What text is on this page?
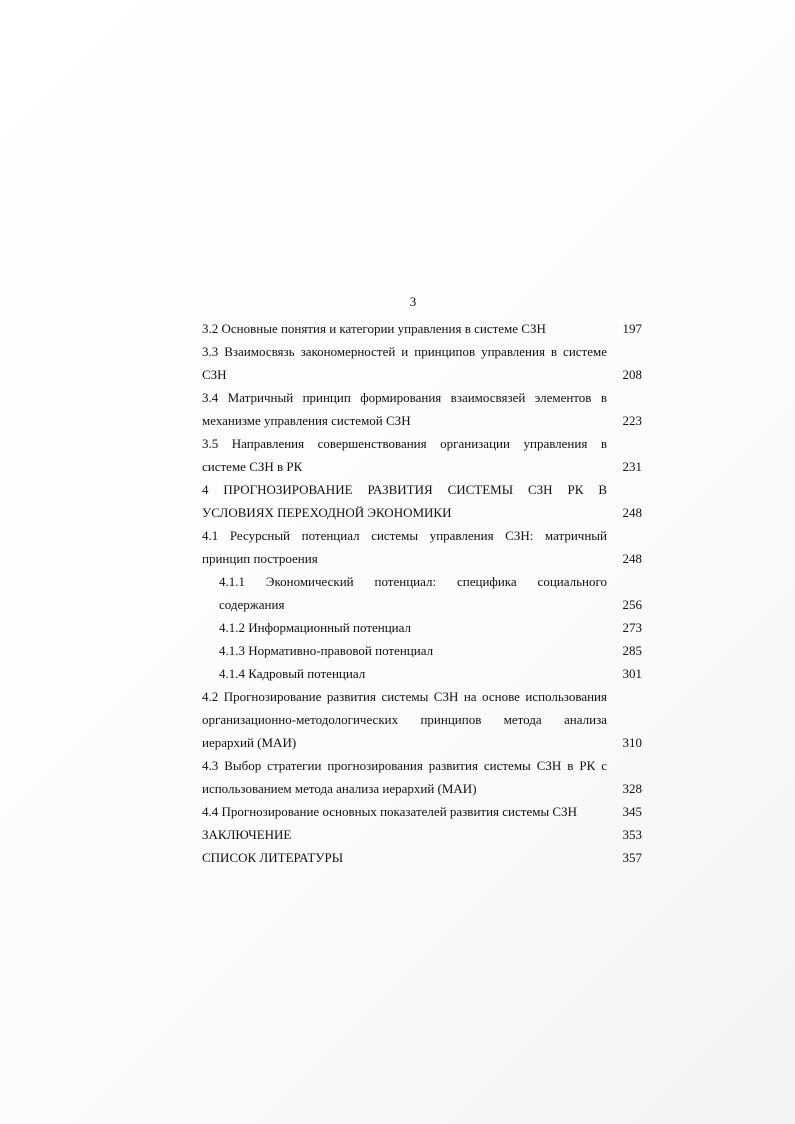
3
3.2 Основные понятия и категории управления в системе СЗН	197
3.3 Взаимосвязь закономерностей и принципов управления в системе
СЗН	208
3.4 Матричный принцип формирования взаимосвязей элементов в
механизме управления системой СЗН	223
3.5 Направления совершенствования организации управления в
системе СЗН в РК	231
4 ПРОГНОЗИРОВАНИЕ РАЗВИТИЯ СИСТЕМЫ СЗН РК В
УСЛОВИЯХ ПЕРЕХОДНОЙ ЭКОНОМИКИ	248
4.1 Ресурсный потенциал системы управления СЗН: матричный
принцип построения	248
4.1.1 Экономический потенциал: специфика социального
содержания	256
4.1.2 Информационный потенциал	273
4.1.3 Нормативно-правовой потенциал	285
4.1.4 Кадровый потенциал	301
4.2 Прогнозирование развития системы СЗН на основе использования
организационно-методологических принципов метода анализа
иерархий (МАИ)	310
4.3 Выбор стратегии прогнозирования развития системы СЗН в РК с
использованием метода анализа иерархий (МАИ)	328
4.4 Прогнозирование основных показателей развития системы СЗН	345
ЗАКЛЮЧЕНИЕ	353
СПИСОК ЛИТЕРАТУРЫ	357
